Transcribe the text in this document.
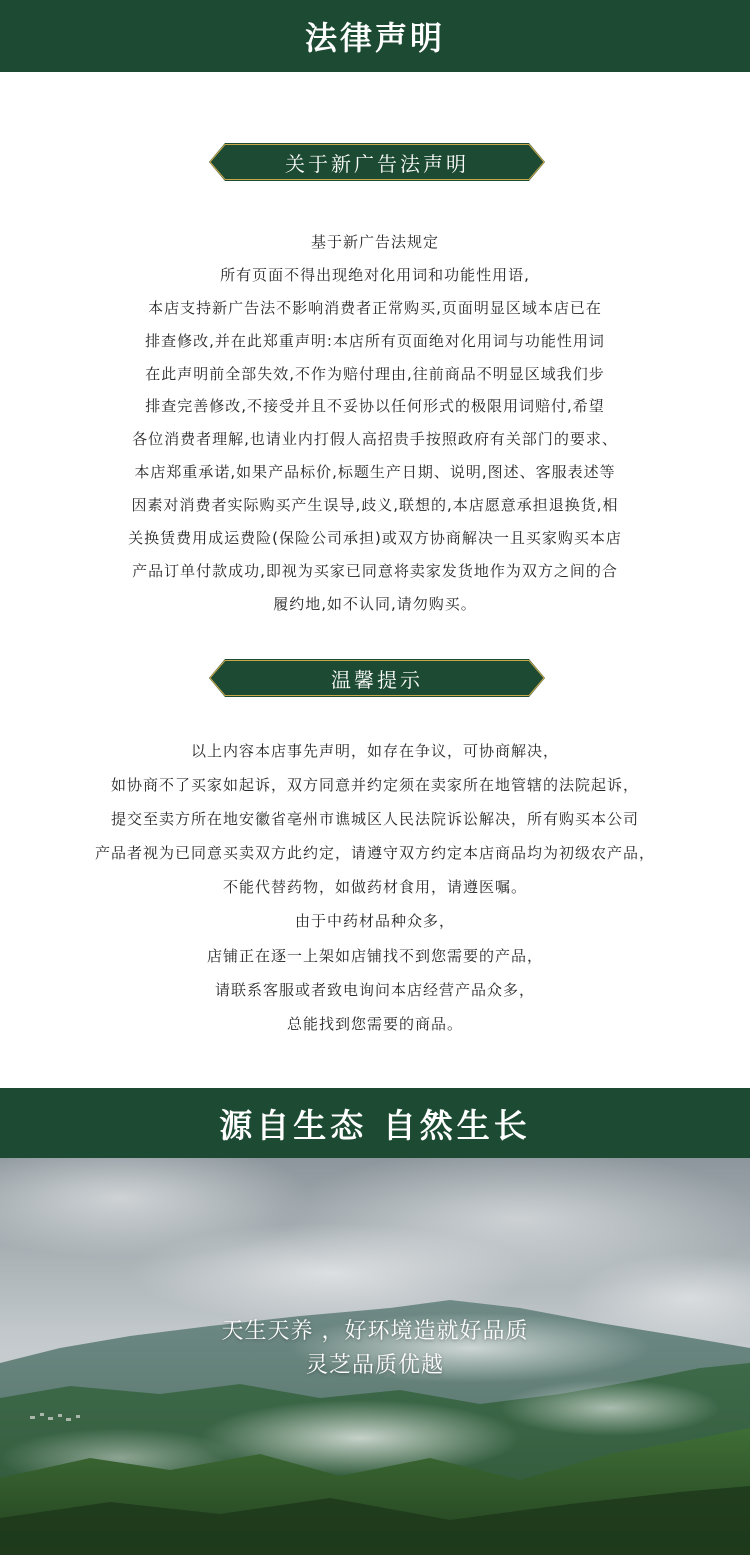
法律声明
关于新广告法声明
基于新广告法规定
所有页面不得出现绝对化用词和功能性用语,
本店支持新广告法不影响消费者正常购买,页面明显区域本店已在
排查修改,并在此郑重声明:本店所有页面绝对化用词与功能性用词
在此声明前全部失效,不作为赔付理由,往前商品不明显区域我们步
排查完善修改,不接受并且不妥协以任何形式的极限用词赔付,希望
各位消费者理解,也请业内打假人高招贵手按照政府有关部门的要求、
本店郑重承诺,如果产品标价,标题生产日期、说明,图述、客服表述等
因素对消费者实际购买产生误导,歧义,联想的,本店愿意承担退换货,相
关换赁费用成运费险(保险公司承担)或双方协商解决一且买家购买本店
产品订单付款成功,即视为买家已同意将卖家发货地作为双方之间的合
履约地,如不认同,请勿购买。
温馨提示
以上内容本店事先声明，如存在争议，可协商解决，
如协商不了买家如起诉，双方同意并约定须在卖家所在地管辖的法院起诉，
提交至卖方所在地安徽省亳州市谯城区人民法院诉讼解决，所有购买本公司
产品者视为已同意买卖双方此约定，请遵守双方约定本店商品均为初级农产品，
不能代替药物，如做药材食用，请遵医嘱。
由于中药材品种众多，
店铺正在逐一上架如店铺找不到您需要的产品，
请联系客服或者致电询问本店经营产品众多，
总能找到您需要的商品。
源自生态 自然生长
天生天养 ，好环境造就好品质
灵芝品质优越
